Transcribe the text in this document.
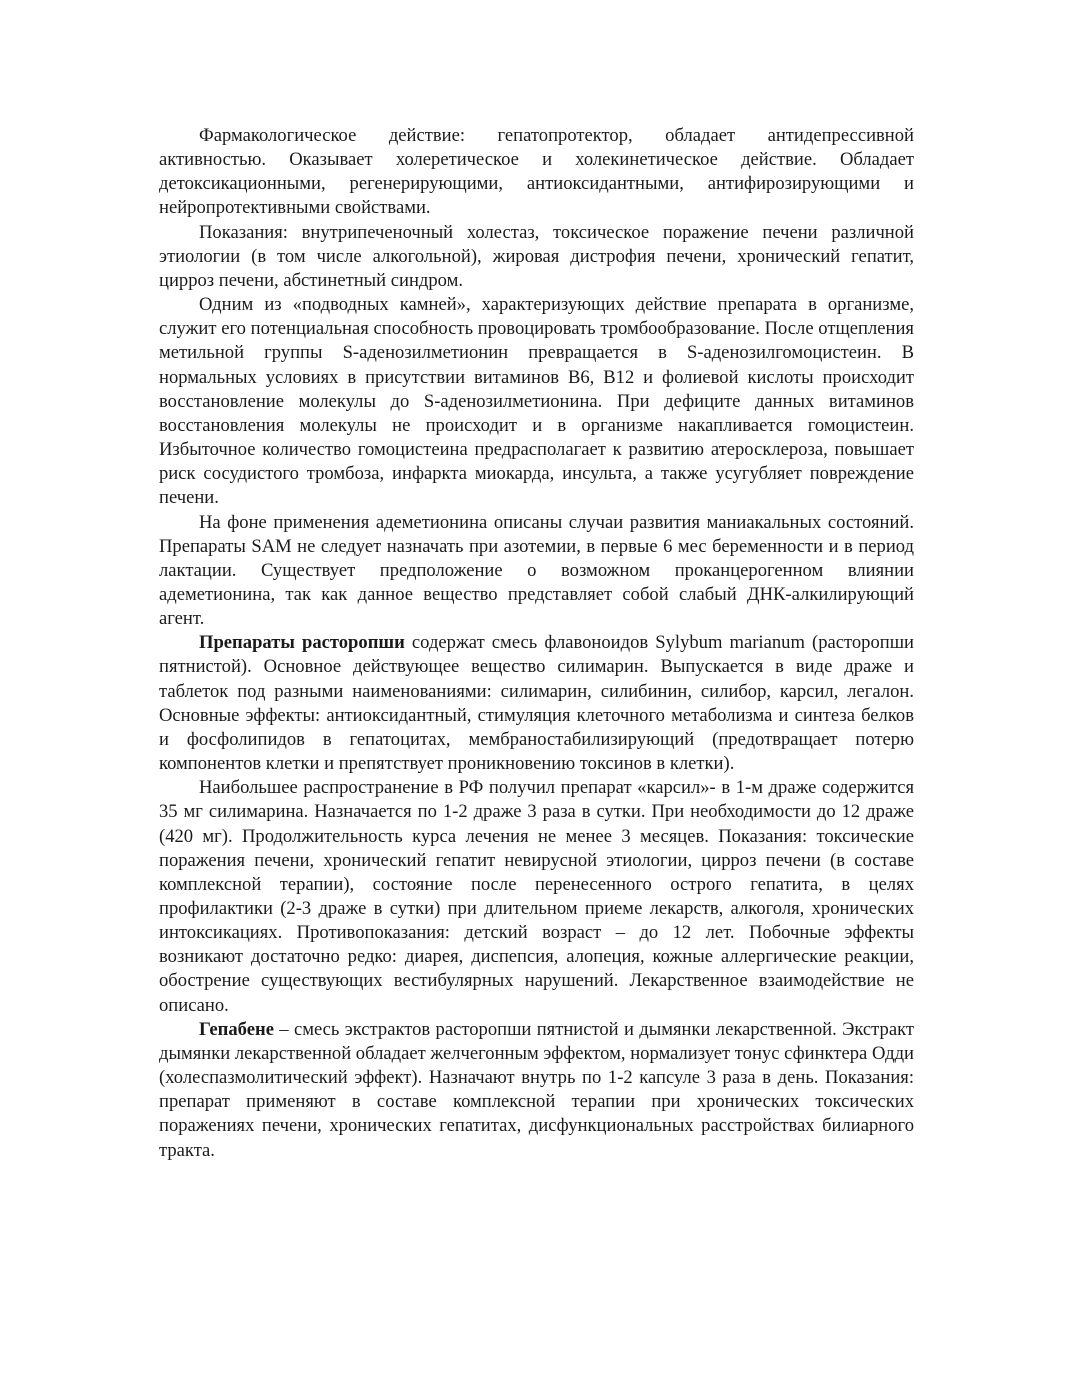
Фармакологическое действие: гепатопротектор, обладает антидепрессивной активностью. Оказывает холеретическое и холекинетическое действие. Обладает детоксикационными, регенерирующими, антиоксидантными, антифирозирующими и нейропротективными свойствами.

Показания: внутрипеченочный холестаз, токсическое поражение печени различной этиологии (в том числе алкогольной), жировая дистрофия печени, хронический гепатит, цирроз печени, абстинетный синдром.

Одним из «подводных камней», характеризующих действие препарата в организме, служит его потенциальная способность провоцировать тромбообразование. После отщепления метильной группы S-аденозилметионин превращается в S-аденозилгомоцистеин. В нормальных условиях в присутствии витаминов В6, В12 и фолиевой кислоты происходит восстановление молекулы до S-аденозилметионина. При дефиците данных витаминов восстановления молекулы не происходит и в организме накапливается гомоцистеин. Избыточное количество гомоцистеина предрасполагает к развитию атеросклероза, повышает риск сосудистого тромбоза, инфаркта миокарда, инсульта, а также усугубляет повреждение печени.

На фоне применения адеметионина описаны случаи развития маниакальных состояний. Препараты SAM не следует назначать при азотемии, в первые 6 мес беременности и в период лактации. Существует предположение о возможном проканцерогенном влиянии адеметионина, так как данное вещество представляет собой слабый ДНК-алкилирующий агент.

Препараты расторопши содержат смесь флавоноидов Sylybum marianum (расторопши пятнистой). Основное действующее вещество силимарин. Выпускается в виде драже и таблеток под разными наименованиями: силимарин, силибинин, силибор, карсил, легалон. Основные эффекты: антиоксидантный, стимуляция клеточного метаболизма и синтеза белков и фосфолипидов в гепатоцитах, мембраностабилизирующий (предотвращает потерю компонентов клетки и препятствует проникновению токсинов в клетки).

Наибольшее распространение в РФ получил препарат «карсил»- в 1-м драже содержится 35 мг силимарина. Назначается по 1-2 драже 3 раза в сутки. При необходимости до 12 драже (420 мг). Продолжительность курса лечения не менее 3 месяцев. Показания: токсические поражения печени, хронический гепатит невирусной этиологии, цирроз печени (в составе комплексной терапии), состояние после перенесенного острого гепатита, в целях профилактики (2-3 драже в сутки) при длительном приеме лекарств, алкоголя, хронических интоксикациях. Противопоказания: детский возраст – до 12 лет. Побочные эффекты возникают достаточно редко: диарея, диспепсия, алопеция, кожные аллергические реакции, обострение существующих вестибулярных нарушений. Лекарственное взаимодействие не описано.

Гепабене – смесь экстрактов расторопши пятнистой и дымянки лекарственной. Экстракт дымянки лекарственной обладает желчегонным эффектом, нормализует тонус сфинктера Одди (холеспазмолитический эффект). Назначают внутрь по 1-2 капсуле 3 раза в день. Показания: препарат применяют в составе комплексной терапии при хронических токсических поражениях печени, хронических гепатитах, дисфункциональных расстройствах билиарного тракта.
